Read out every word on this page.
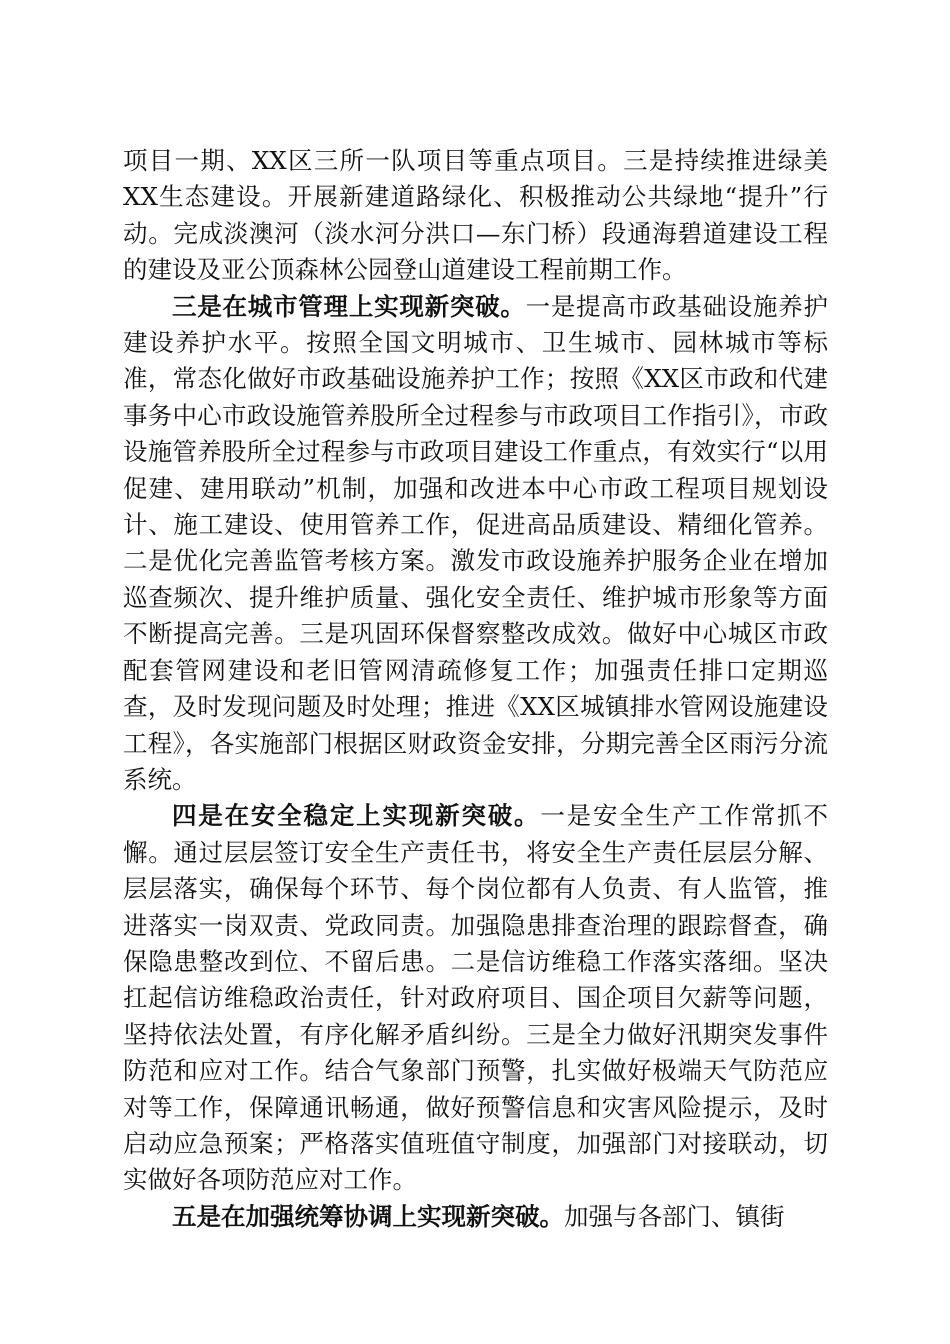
项目一期、XX区三所一队项目等重点项目。三是持续推进绿美XX生态建设。开展新建道路绿化、积极推动公共绿地“提升”行动。完成淡澳河（淡水河分洪口—东门桥）段通海碧道建设工程的建设及亚公顶森林公园登山道建设工程前期工作。

三是在城市管理上实现新突破。一是提高市政基础设施养护建设养护水平。按照全国文明城市、卫生城市、园林城市等标准，常态化做好市政基础设施养护工作；按照《XX区市政和代建事务中心市政设施管养股所全过程参与市政项目工作指引》，市政设施管养股所全过程参与市政项目建设工作重点，有效实行“以用促建、建用联动”机制，加强和改进本中心市政工程项目规划设计、施工建设、使用管养工作，促进高品质建设、精细化管养。二是优化完善监管考核方案。激发市政设施养护服务企业在增加巡查频次、提升维护质量、强化安全责任、维护城市形象等方面不断提高完善。三是巩固环保督察整改成效。做好中心城区市政配套管网建设和老旧管网清疏修复工作；加强责任排口定期巡查，及时发现问题及时处理；推进《XX区城镇排水管网设施建设工程》，各实施部门根据区财政资金安排，分期完善全区雨污分流系统。

四是在安全稳定上实现新突破。一是安全生产工作常抓不懈。通过层层签订安全生产责任书，将安全生产责任层层分解、层层落实，确保每个环节、每个岗位都有人负责、有人监管，推进落实一岗双责、党政同责。加强隐患排查治理的跟踪督查，确保隐患整改到位、不留后患。二是信访维稳工作落实落细。坚决扛起信访维稳政治责任，针对政府项目、国企项目欠薪等问题，坚持依法处置，有序化解矛盾纠纷。三是全力做好汛期突发事件防范和应对工作。结合气象部门预警，扎实做好极端天气防范应对等工作，保障通讯畅通，做好预警信息和灾害风险提示，及时启动应急预案；严格落实值班值守制度，加强部门对接联动，切实做好各项防范应对工作。

五是在加强统筹协调上实现新突破。加强与各部门、镇街
